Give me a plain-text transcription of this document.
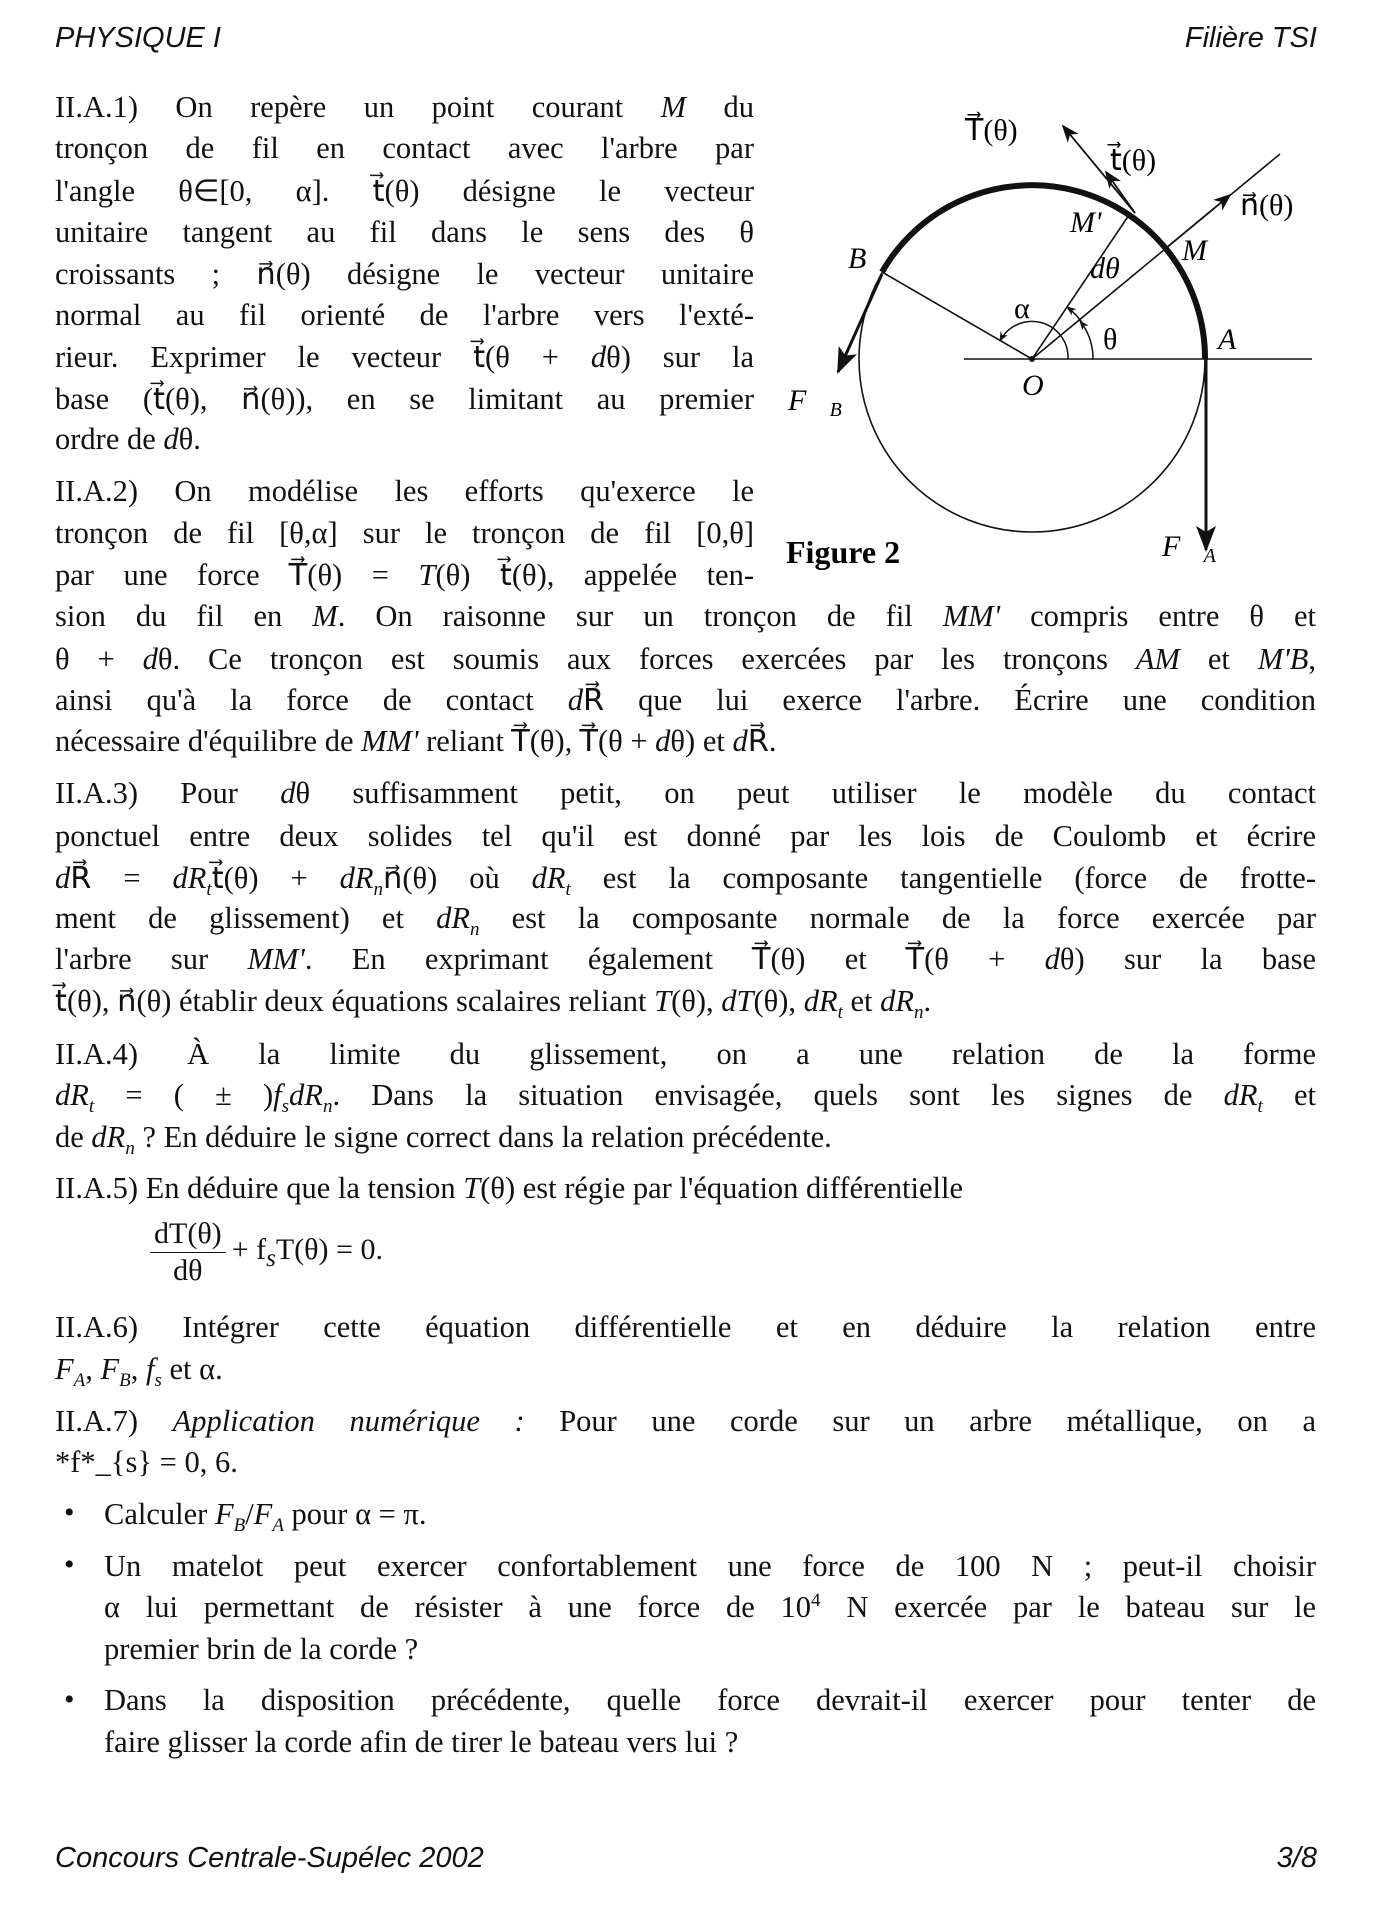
PHYSIQUE I	Filière TSI
II.A.1) On repère un point courant M du
tronçon de fil en contact avec l'arbre par
l'angle θ∈[0, α]. t⃗(θ) désigne le vecteur
unitaire tangent au fil dans le sens des θ
croissants ; n⃗(θ) désigne le vecteur unitaire
normal au fil orienté de l'arbre vers l'exté-
rieur. Exprimer le vecteur t⃗(θ + dθ) sur la
base (t⃗(θ), n⃗(θ)), en se limitant au premier
ordre de dθ.
II.A.2) On modélise les efforts qu'exerce le
tronçon de fil [θ,α] sur le tronçon de fil [0,θ]
par une force T⃗(θ) = T(θ) t⃗(θ), appelée ten-
sion du fil en M. On raisonne sur un tronçon de fil MM' compris entre θ et
θ + dθ. Ce tronçon est soumis aux forces exercées par les tronçons AM et M'B,
ainsi qu'à la force de contact dR⃗ que lui exerce l'arbre. Écrire une condition
nécessaire d'équilibre de MM' reliant T⃗(θ), T⃗(θ + dθ) et dR⃗.
II.A.3) Pour dθ suffisamment petit, on peut utiliser le modèle du contact
ponctuel entre deux solides tel qu'il est donné par les lois de Coulomb et écrire
dR⃗ = $dR_tt⃗(\theta)$ + $dR_nn⃗(\theta)$ où $dR_t$ est la composante tangentielle (force de frotte-
ment de glissement) et $dR_n$ est la composante normale de la force exercée par
l'arbre sur MM'. En exprimant également T⃗(θ) et T⃗(θ + dθ) sur la base
t⃗(θ), n⃗(θ) établir deux équations scalaires reliant T(θ), dT(θ), $dR_t$ et $dR_n$.
II.A.4) À la limite du glissement, on a une relation de la forme
$dR_t$ = ( ± )$f_sdR_n$. Dans la situation envisagée, quels sont les signes de $dR_t$ et
de $dR_n$ ? En déduire le signe correct dans la relation précédente.
II.A.5) En déduire que la tension T(θ) est régie par l'équation différentielle
II.A.6) Intégrer cette équation différentielle et en déduire la relation entre
$F_A$, $F_B$, $f_s$ et α.
II.A.7) Application numérique : Pour une corde sur un arbre métallique, on a
*f*_{s} = 0, 6.
Calculer $F_B/F_A$ pour α = π.
Un matelot peut exercer confortablement une force de 100 N ; peut-il choisir
α lui permettant de résister à une force de $10^4$ N exercée par le bateau sur le
premier brin de la corde ?
Dans la disposition précédente, quelle force devrait-il exercer pour tenter de
faire glisser la corde afin de tirer le bateau vers lui ?
$\frac{dT(\theta)}{d\theta} + f_sT(\theta) = 0$.
•
•
•
T⃗(θ)
t⃗(θ)
n⃗(θ)
M'
M
B	dθ
α
θ	A
O
$F⃗_B$
$F⃗_A$
Figure 2
Concours Centrale-Supélec 2002	3/8
